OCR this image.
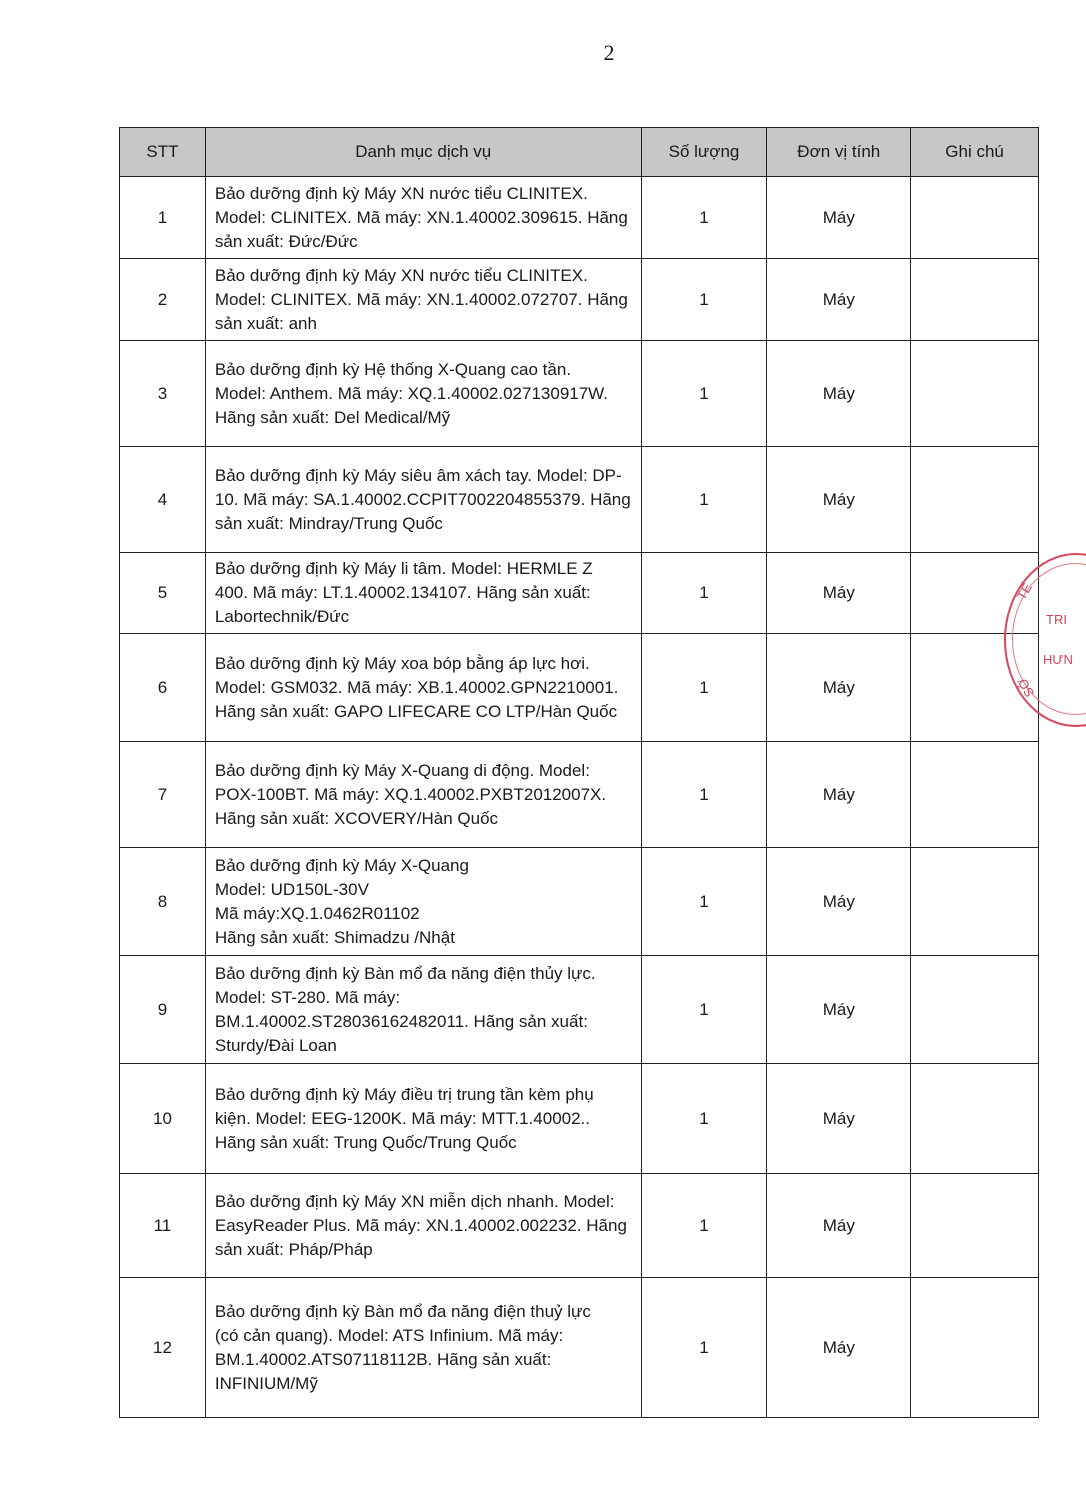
2
STT	Danh mục dịch vụ	Số lượng	Đơn vị tính	Ghi chú
1	Bảo dưỡng định kỳ Máy XN nước tiểu CLINITEX.
Model: CLINITEX. Mã máy: XN.1.40002.309615. Hãng
sản xuất: Đức/Đức	1	Máy	
2	Bảo dưỡng định kỳ Máy XN nước tiểu CLINITEX.
Model: CLINITEX. Mã máy: XN.1.40002.072707. Hãng
sản xuất: anh	1	Máy	
3	Bảo dưỡng định kỳ Hệ thống X-Quang cao tần.
Model: Anthem. Mã máy: XQ.1.40002.027130917W.
Hãng sản xuất: Del Medical/Mỹ	1	Máy	
4	Bảo dưỡng định kỳ Máy siêu âm xách tay. Model: DP-
10. Mã máy: SA.1.40002.CCPIT7002204855379. Hãng
sản xuất: Mindray/Trung Quốc	1	Máy	
5	Bảo dưỡng định kỳ Máy li tâm. Model: HERMLE Z
400. Mã máy: LT.1.40002.134107. Hãng sản xuất:
Labortechnik/Đức	1	Máy	
6	Bảo dưỡng định kỳ Máy xoa bóp bằng áp lực hơi.
Model: GSM032. Mã máy: XB.1.40002.GPN2210001.
Hãng sản xuất: GAPO LIFECARE CO LTP/Hàn Quốc	1	Máy	
7	Bảo dưỡng định kỳ Máy X-Quang di động. Model:
POX-100BT. Mã máy: XQ.1.40002.PXBT2012007X.
Hãng sản xuất: XCOVERY/Hàn Quốc	1	Máy	
8	Bảo dưỡng định kỳ Máy X-Quang
Model: UD150L-30V
Mã máy:XQ.1.0462R01102
Hãng sản xuất: Shimadzu /Nhật	1	Máy	
9	Bảo dưỡng định kỳ Bàn mổ đa năng điện thủy lực.
Model: ST-280. Mã máy:
BM.1.40002.ST28036162482011. Hãng sản xuất:
Sturdy/Đài Loan	1	Máy	
10	Bảo dưỡng định kỳ Máy điều trị trung tần kèm phụ
kiện. Model: EEG-1200K. Mã máy: MTT.1.40002..
Hãng sản xuất: Trung Quốc/Trung Quốc	1	Máy	
11	Bảo dưỡng định kỳ Máy XN miễn dịch nhanh. Model:
EasyReader Plus. Mã máy: XN.1.40002.002232. Hãng
sản xuất: Pháp/Pháp	1	Máy	
12	Bảo dưỡng định kỳ Bàn mổ đa năng điện thuỷ lực
(có cản quang). Model: ATS Infinium. Mã máy:
BM.1.40002.ATS07118112B. Hãng sản xuất:
INFINIUM/Mỹ	1	Máy	
TRI
HƯN
TẾ
SỞ
